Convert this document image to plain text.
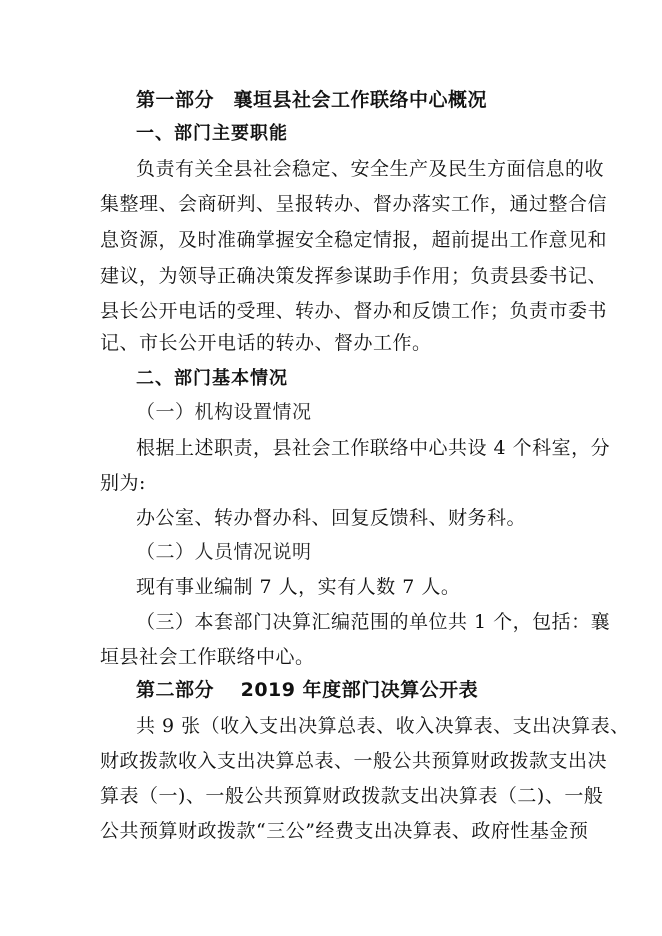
第一部分　襄垣县社会工作联络中心概况
一、部门主要职能
负责有关全县社会稳定、安全生产及民生方面信息的收
集整理、会商研判、呈报转办、督办落实工作，通过整合信
息资源，及时准确掌握安全稳定情报，超前提出工作意见和
建议，为领导正确决策发挥参谋助手作用；负责县委书记、
县长公开电话的受理、转办、督办和反馈工作；负责市委书
记、市长公开电话的转办、督办工作。
二、部门基本情况
（一）机构设置情况
根据上述职责，县社会工作联络中心共设 4 个科室，分
别为:
办公室、转办督办科、回复反馈科、财务科。
（二）人员情况说明
现有事业编制 7 人，实有人数 7 人。
（三）本套部门决算汇编范围的单位共 1 个，包括：襄
垣县社会工作联络中心。
第二部分　 2019 年度部门决算公开表
共 9 张（收入支出决算总表、收入决算表、支出决算表、
财政拨款收入支出决算总表、一般公共预算财政拨款支出决
算表（一)、一般公共预算财政拨款支出决算表（二)、一般
公共预算财政拨款“三公”经费支出决算表、政府性基金预
